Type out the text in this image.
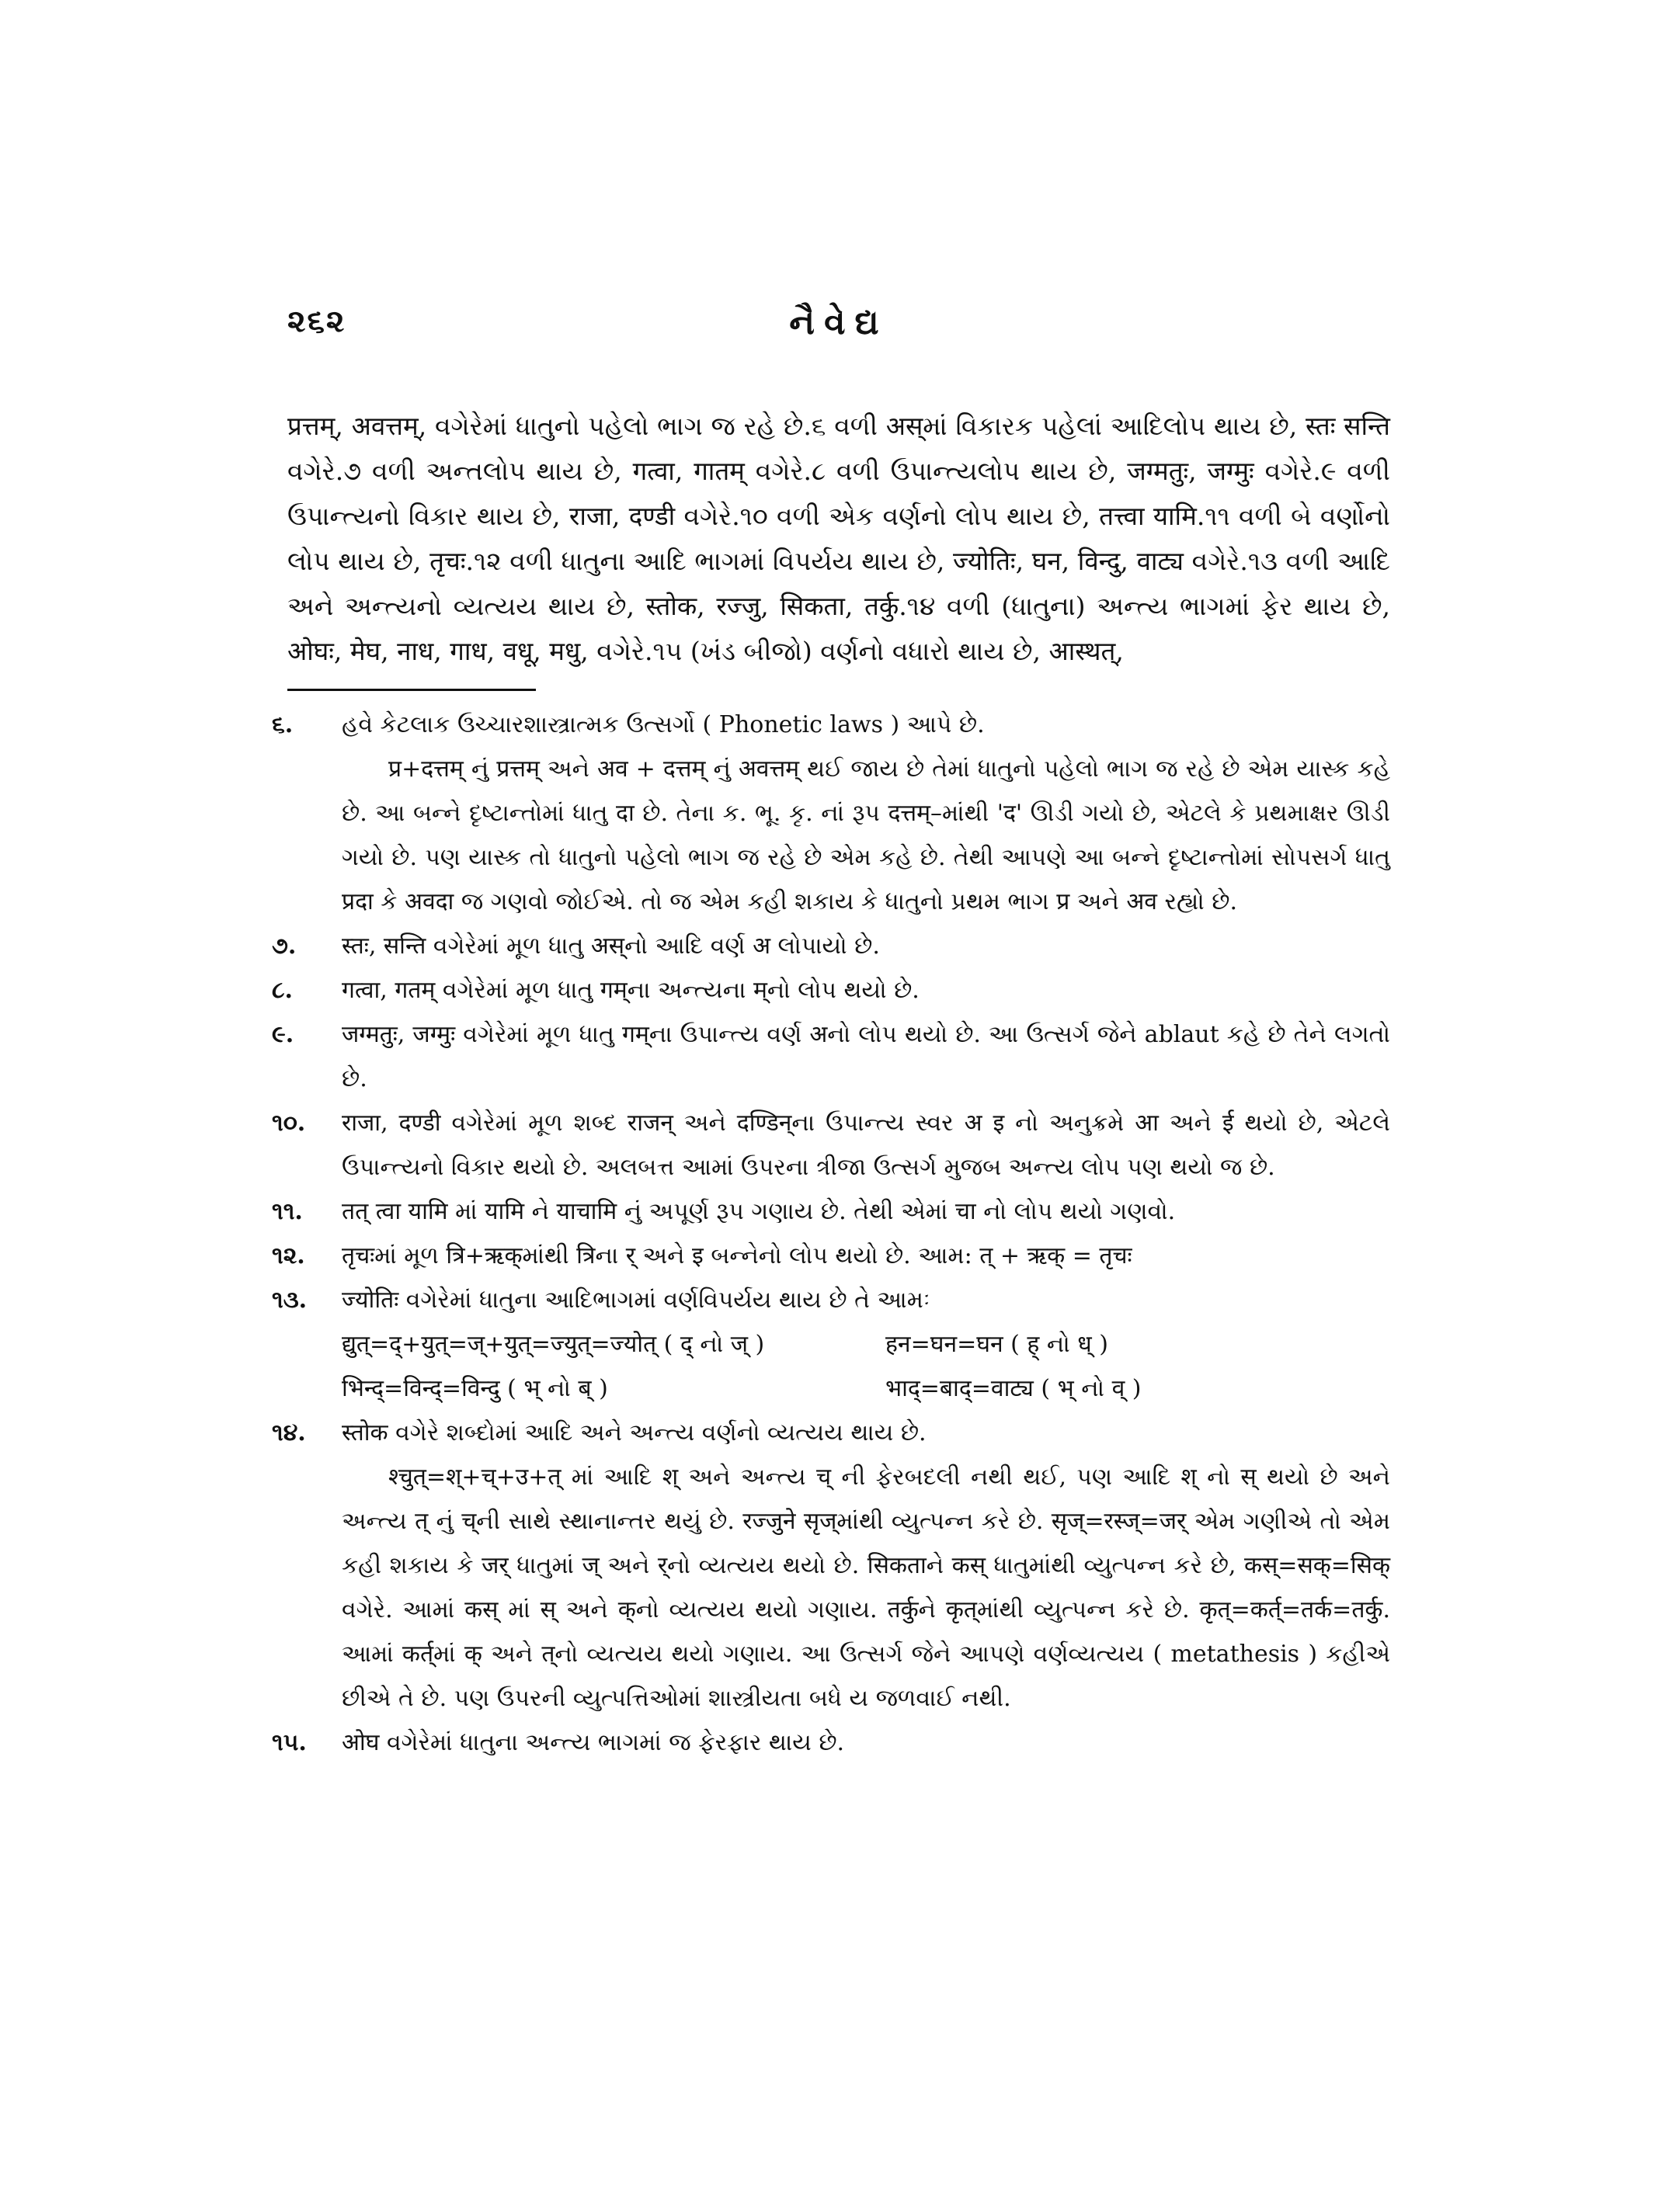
૨૬૨	નૈવેદ્ય

प्रत्तम्, अवत्तम्, વગેરેમાં ધાતુનો પહેલો ભાગ જ રહે છે.૬ વળી अस्માં વિકારક પહેલાં આદિલોપ થાય છે, स्तः सन्ति વગેરે.૭ વળી અન્તલોપ થાય છે, गत्वा, गातम् વગેરે.૮ વળી ઉપાન્ત્યલોપ થાય છે, जग्मतुः, जग्मुः વગેરે.૯ વળી ઉપાન્ત્યનો વિકાર થાય છે, राजा, दण्डी વગેરે.૧૦ વળી એક વર્ણનો લોપ થાય છે, तत्त्वा यामि.૧૧ વળી બે વર્ણોનો લોપ થાય છે, तृचः.૧૨ વળી ધાતુના આદિ ભાગમાં વિપર્યય થાય છે, ज्योतिः, घन, विन्दु, वाट्य વગેરે.૧૩ વળી આદિ અને અન્ત્યનો વ્યત્યય થાય છે, स्तोक, रज्जु, सिकता, तर्कु.૧૪ વળી (ધાતુના) અન્ત્ય ભાગમાં ફેર થાય છે, ओघः, मेघ, नाध, गाध, वधू, मधु, વગેરે.૧૫ (ખંડ બીજો) વર્ણનો વધારો થાય છે, आस्थत्,

૬. હવે કેટલાક ઉચ્ચારશાસ્ત્રાત્મક ઉત્સર્ગો ( Phonetic laws ) આપે છે.
प्र+दत्तम् નું प्रत्तम् અને अव + दत्तम् નું अवत्तम् થઈ જાય છે તેમાં ધાતુનો પહેલો ભાગ જ રહે છે એમ યાસ્ક કહે છે. આ બન્ને દૃષ્ટાન્તોમાં ધાતુ दा છે. તેના ક. ભૂ. કૃ. નાં રૂપ दत्तम्–માંથી 'द' ઊડી ગયો છે, એટલે કે પ્રથમાક્ષર ઊડી ગયો છે. પણ યાસ્ક તો ધાતુનો પહેલો ભાગ જ રહે છે એમ કહે છે. તેથી આપણે આ બન્ને દૃષ્ટાન્તોમાં સોપસર્ગ ધાતુ प्रदा કે अवदा જ ગણવો જોઈએ. તો જ એમ કહી શકાય કે ધાતુનો પ્રથમ ભાગ प्र અને अव રહ્યો છે.
૭. स्तः, सन्ति વગેરેમાં મૂળ ધાતુ अस्નો આદિ વર્ણ अ લોપાયો છે.
૮. गत्वा, गतम् વગેરેમાં મૂળ ધાતુ गम्ના અન્ત્યના म्નો લોપ થયો છે.
૯. जग्मतुः, जग्मुः વગેરેમાં મૂળ ધાતુ गम्ના ઉપાન્ત્ય વર્ણ अનો લોપ થયો છે. આ ઉત્સર્ગ જેને ablaut કહે છે તેને લગતો છે.
૧૦. राजा, दण्डी વગેરેમાં મૂળ શબ્દ राजन् અને दण्डिन्ના ઉપાન્ત્ય સ્વર अ इ નો અનુક્રમે आ અને ई થયો છે, એટલે ઉપાન્ત્યનો વિકાર થયો છે. અલબત્ત આમાં ઉપરના ત્રીજા ઉત્સર્ગ મુજબ અન્ત્ય લોપ પણ થયો જ છે.
૧૧. तत् त्वा यामि માં यामि ને याचामि નું અપૂર્ણ રૂપ ગણાય છે. તેથી એમાં चा નો લોપ થયો ગણવો.
૧૨. तृचःમાં મૂળ त्रि+ऋक्માંથી त्रिના र् અને इ બન્નેનો લોપ થયો છે. આમ: त् + ऋक् = तृचः
૧૩. ज्योतिः વગેરેમાં ધાતુના આદિભાગમાં વર્ણવિપર્યય થાય છે તે આમઃ
द्युत्=द्+युत्=ज्+युत्=ज्युत्=ज्योत् ( द् નો ज् )	हन=घन=घन ( ह् નો ध् )
भिन्द्=विन्द्=विन्दु ( भ् નો ब् )	भाद्=बाद्=वाट्य ( भ् નો व् )
૧૪. स्तोक વગેરે શબ્દોમાં આદિ અને અન્ત્ય વર્ણનો વ્યત્યય થાય છે.
श्चुत्=श्+च्+उ+त् માં આદિ श् અને અન્ત્ય च् ની ફેરબદલી નથી થઈ, પણ આદિ श् નો स् થયો છે અને અન્ત્ય त् નું च्ની સાથે સ્થાનાન્તર થયું છે. रज्जुने सृज्માંથી વ્યુત્પન્ન કરે છે. सृज्=रस्ज्=जर् એમ ગણીએ તો એમ કહી શકાય કે जर् ધાતુમાં ज् અને र्નો વ્યત્યય થયો છે. सिकताને कस् ધાતુમાંથી વ્યુત્પન્ન કરે છે, कस्=सक्=सिक् વગેરે. આમાં कस् માં स् અને क्નો વ્યત્યય થયો ગણાય. तर्कुને कृत्માંથી વ્યુત્પન્ન કરે છે. कृत्=कर्त्=तर्क=तर्कु. આમાં कर्त्માં क् અને त्નો વ્યત્યય થયો ગણાય. આ ઉત્સર્ગ જેને આપણે વર્ણવ્યત્યય ( metathesis ) કહીએ છીએ તે છે. પણ ઉપરની વ્યુત્પત્તિઓમાં શાસ્ત્રીયતા બધે ય જળવાઈ નથી.
૧૫. ओघ વગેરેમાં ધાતુના અન્ત્ય ભાગમાં જ ફેરફાર થાય છે.
